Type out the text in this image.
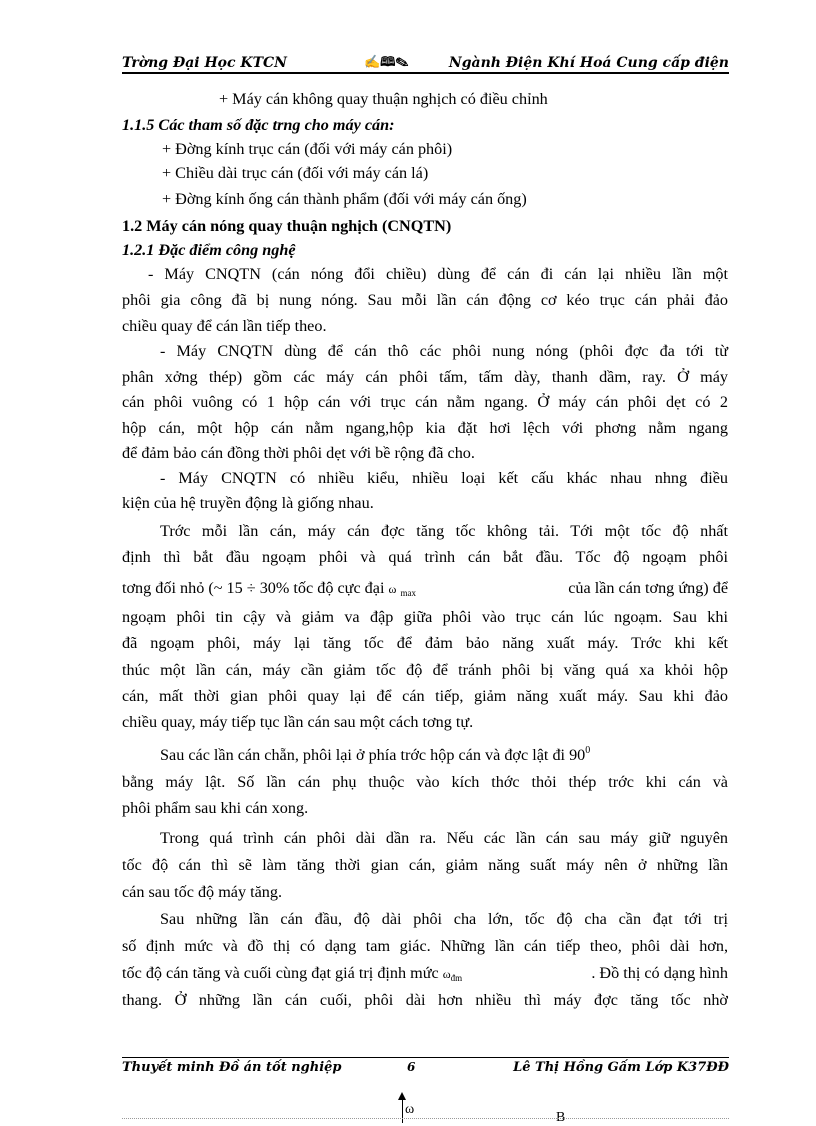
Trờng Đại Học KTCN	✍🕮✎	Ngành Điện Khí Hoá Cung cấp điện
+ Máy cán không quay thuận nghịch có điều chỉnh
1.1.5 Các tham số đặc trng cho máy cán:
+ Đờng kính trục cán (đối với máy cán phôi)
+ Chiều dài trục cán (đối với máy cán lá)
+ Đờng kính ống cán thành phẩm (đối với máy cán ống)
1.2 Máy cán nóng quay thuận nghịch (CNQTN)
1.2.1 Đặc điểm công nghệ
- Máy CNQTN (cán nóng đổi chiều) dùng để cán đi cán lại nhiều lần một
phôi gia công đã bị nung nóng. Sau mỗi lần cán động cơ kéo trục cán phải đảo
chiều quay để cán lần tiếp theo.
- Máy CNQTN dùng để cán thô các phôi nung nóng (phôi đợc đa tới từ
phân xởng thép) gồm các máy cán phôi tấm, tấm dày, thanh dầm, ray. Ở máy
cán phôi vuông có 1 hộp cán với trục cán nằm ngang. Ở máy cán phôi dẹt có 2
hộp cán, một hộp cán nằm ngang,hộp kia đặt hơi lệch với phơng nằm ngang
để đảm bảo cán đồng thời phôi dẹt với bề rộng đã cho.
- Máy CNQTN có nhiều kiểu, nhiều loại kết cấu khác nhau nhng điều
kiện của hệ truyền động là giống nhau.
Trớc mỗi lần cán, máy cán đợc tăng tốc không tải. Tới một tốc độ nhất
định thì bắt đầu ngoạm phôi và quá trình cán bắt đầu. Tốc độ ngoạm phôi
tơng đối nhỏ (~ 15 ÷ 30% tốc độ cực đại ω $_{max}$	của lần cán tơng ứng) để
ngoạm phôi tin cậy và giảm va đập giữa phôi vào trục cán lúc ngoạm. Sau khi
đã ngoạm phôi, máy lại tăng tốc để đảm bảo năng xuất máy. Trớc khi kết
thúc một lần cán, máy cần giảm tốc độ để tránh phôi bị văng quá xa khỏi hộp
cán, mất thời gian phôi quay lại để cán tiếp, giảm năng xuất máy. Sau khi đảo
chiều quay, máy tiếp tục lần cán sau một cách tơng tự.
Sau các lần cán chẵn, phôi lại ở phía trớc hộp cán và đợc lật đi $90^0$
bằng máy lật. Số lần cán phụ thuộc vào kích thớc thỏi thép trớc khi cán và
phôi phẩm sau khi cán xong.
Trong quá trình cán phôi dài dần ra. Nếu các lần cán sau máy giữ nguyên
tốc độ cán thì sẽ làm tăng thời gian cán, giảm năng suất máy nên ở những lần
cán sau tốc độ máy tăng.
Sau những lần cán đầu, độ dài phôi cha lớn, tốc độ cha cần đạt tới trị
số định mức và đồ thị có dạng tam giác. Những lần cán tiếp theo, phôi dài hơn,
tốc độ cán tăng và cuối cùng đạt giá trị định mức $\omega_{đm}$	. Đồ thị có dạng hình
thang. Ở những lần cán cuối, phôi dài hơn nhiều thì máy đợc tăng tốc nhờ
Thuyết minh Đồ án tốt nghiệp	6	Lê Thị Hồng Gấm Lớp K37ĐĐ
ω
B
